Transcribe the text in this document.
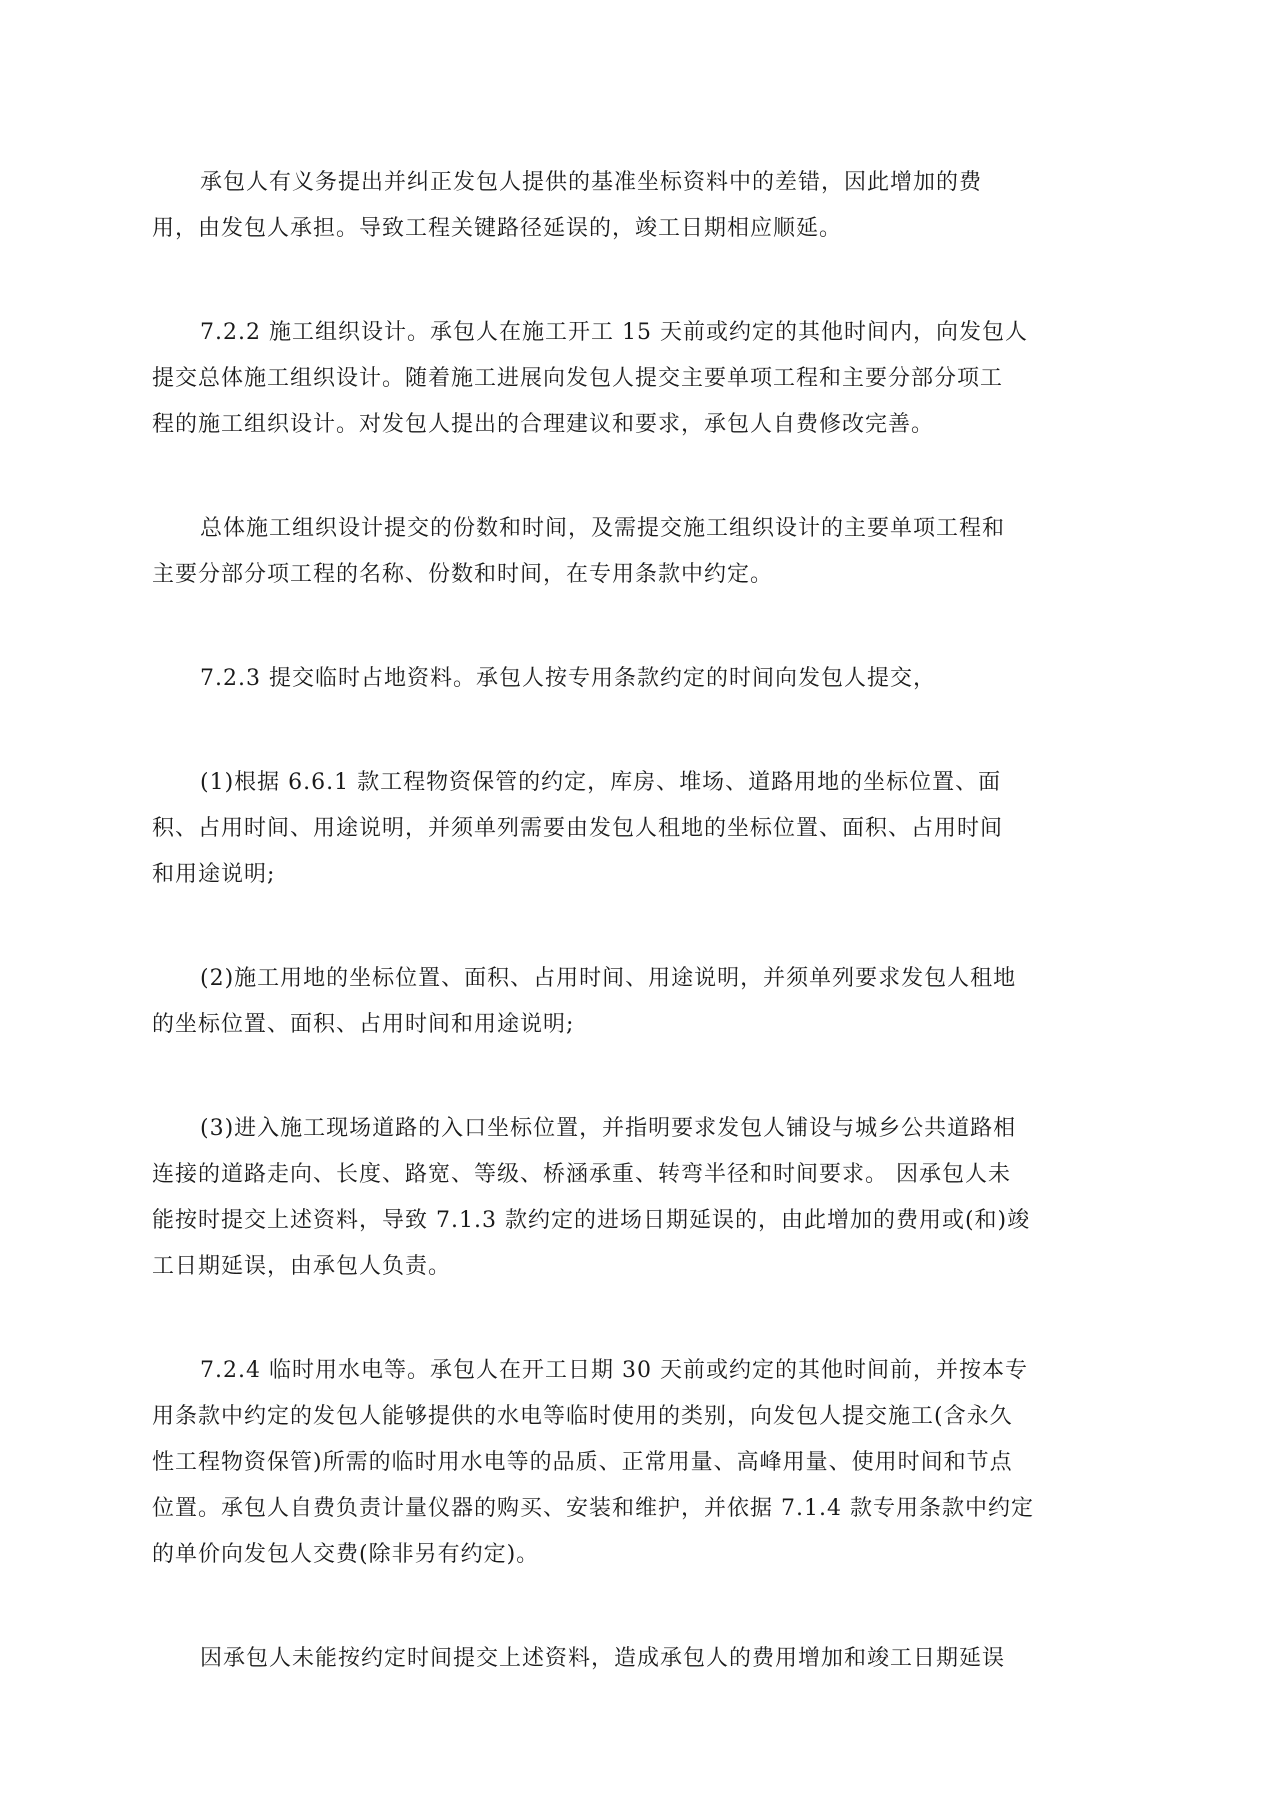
承包人有义务提出并纠正发包人提供的基准坐标资料中的差错，因此增加的费
用，由发包人承担。导致工程关键路径延误的，竣工日期相应顺延。

7.2.2 施工组织设计。承包人在施工开工 15 天前或约定的其他时间内，向发包人
提交总体施工组织设计。随着施工进展向发包人提交主要单项工程和主要分部分项工
程的施工组织设计。对发包人提出的合理建议和要求，承包人自费修改完善。

总体施工组织设计提交的份数和时间，及需提交施工组织设计的主要单项工程和
主要分部分项工程的名称、份数和时间，在专用条款中约定。

7.2.3 提交临时占地资料。承包人按专用条款约定的时间向发包人提交，

(1)根据 6.6.1 款工程物资保管的约定，库房、堆场、道路用地的坐标位置、面
积、占用时间、用途说明，并须单列需要由发包人租地的坐标位置、面积、占用时间
和用途说明;

(2)施工用地的坐标位置、面积、占用时间、用途说明，并须单列要求发包人租地
的坐标位置、面积、占用时间和用途说明;

(3)进入施工现场道路的入口坐标位置，并指明要求发包人铺设与城乡公共道路相
连接的道路走向、长度、路宽、等级、桥涵承重、转弯半径和时间要求。 因承包人未
能按时提交上述资料，导致 7.1.3 款约定的进场日期延误的，由此增加的费用或(和)竣
工日期延误，由承包人负责。

7.2.4 临时用水电等。承包人在开工日期 30 天前或约定的其他时间前，并按本专
用条款中约定的发包人能够提供的水电等临时使用的类别，向发包人提交施工(含永久
性工程物资保管)所需的临时用水电等的品质、正常用量、高峰用量、使用时间和节点
位置。承包人自费负责计量仪器的购买、安装和维护，并依据 7.1.4 款专用条款中约定
的单价向发包人交费(除非另有约定)。

因承包人未能按约定时间提交上述资料，造成承包人的费用增加和竣工日期延误
